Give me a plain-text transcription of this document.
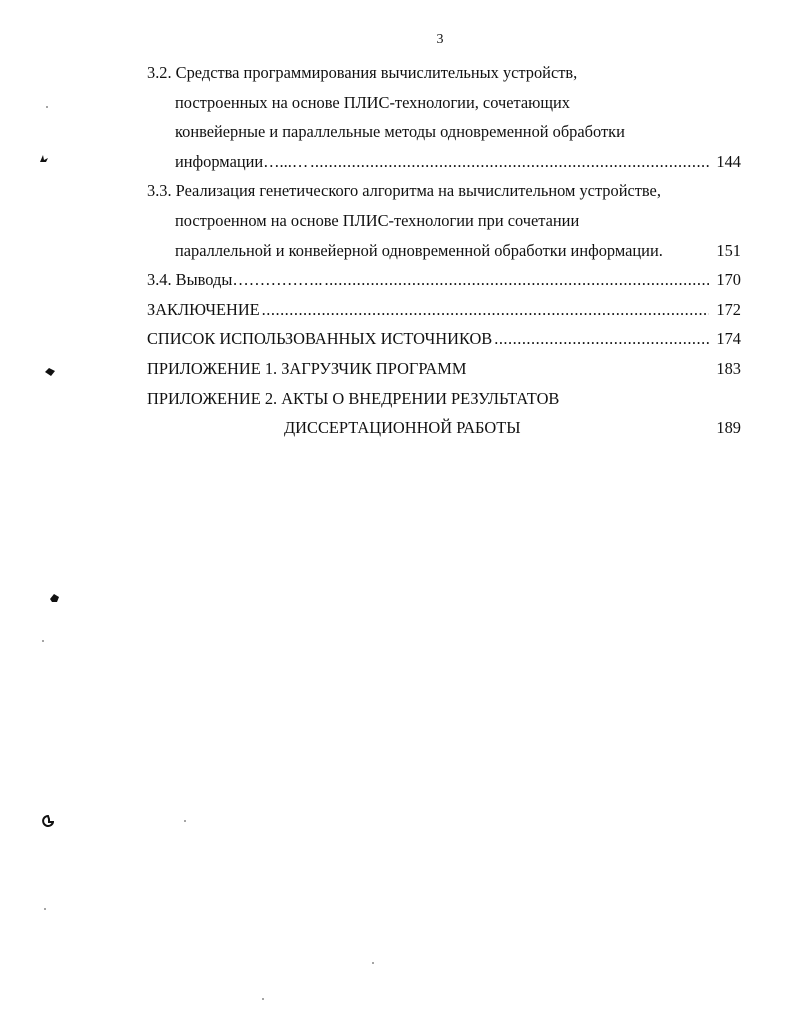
3
3.2. Средства программирования вычислительных устройств,
построенных на основе ПЛИС-технологии, сочетающих
конвейерные и параллельные методы одновременной обработки
информации…...… .....	144
3.3. Реализация генетического алгоритма на вычислительном устройстве,
построенном на основе ПЛИС-технологии при сочетании
параллельной и конвейерной одновременной обработки информации.	151
3.4. Выводы…………….. .....	170
ЗАКЛЮЧЕНИЕ .....	172
СПИСОК ИСПОЛЬЗОВАННЫХ ИСТОЧНИКОВ .....	174
ПРИЛОЖЕНИЕ 1. ЗАГРУЗЧИК ПРОГРАММ	183
ПРИЛОЖЕНИЕ 2. АКТЫ О ВНЕДРЕНИИ РЕЗУЛЬТАТОВ
ДИССЕРТАЦИОННОЙ РАБОТЫ	189
